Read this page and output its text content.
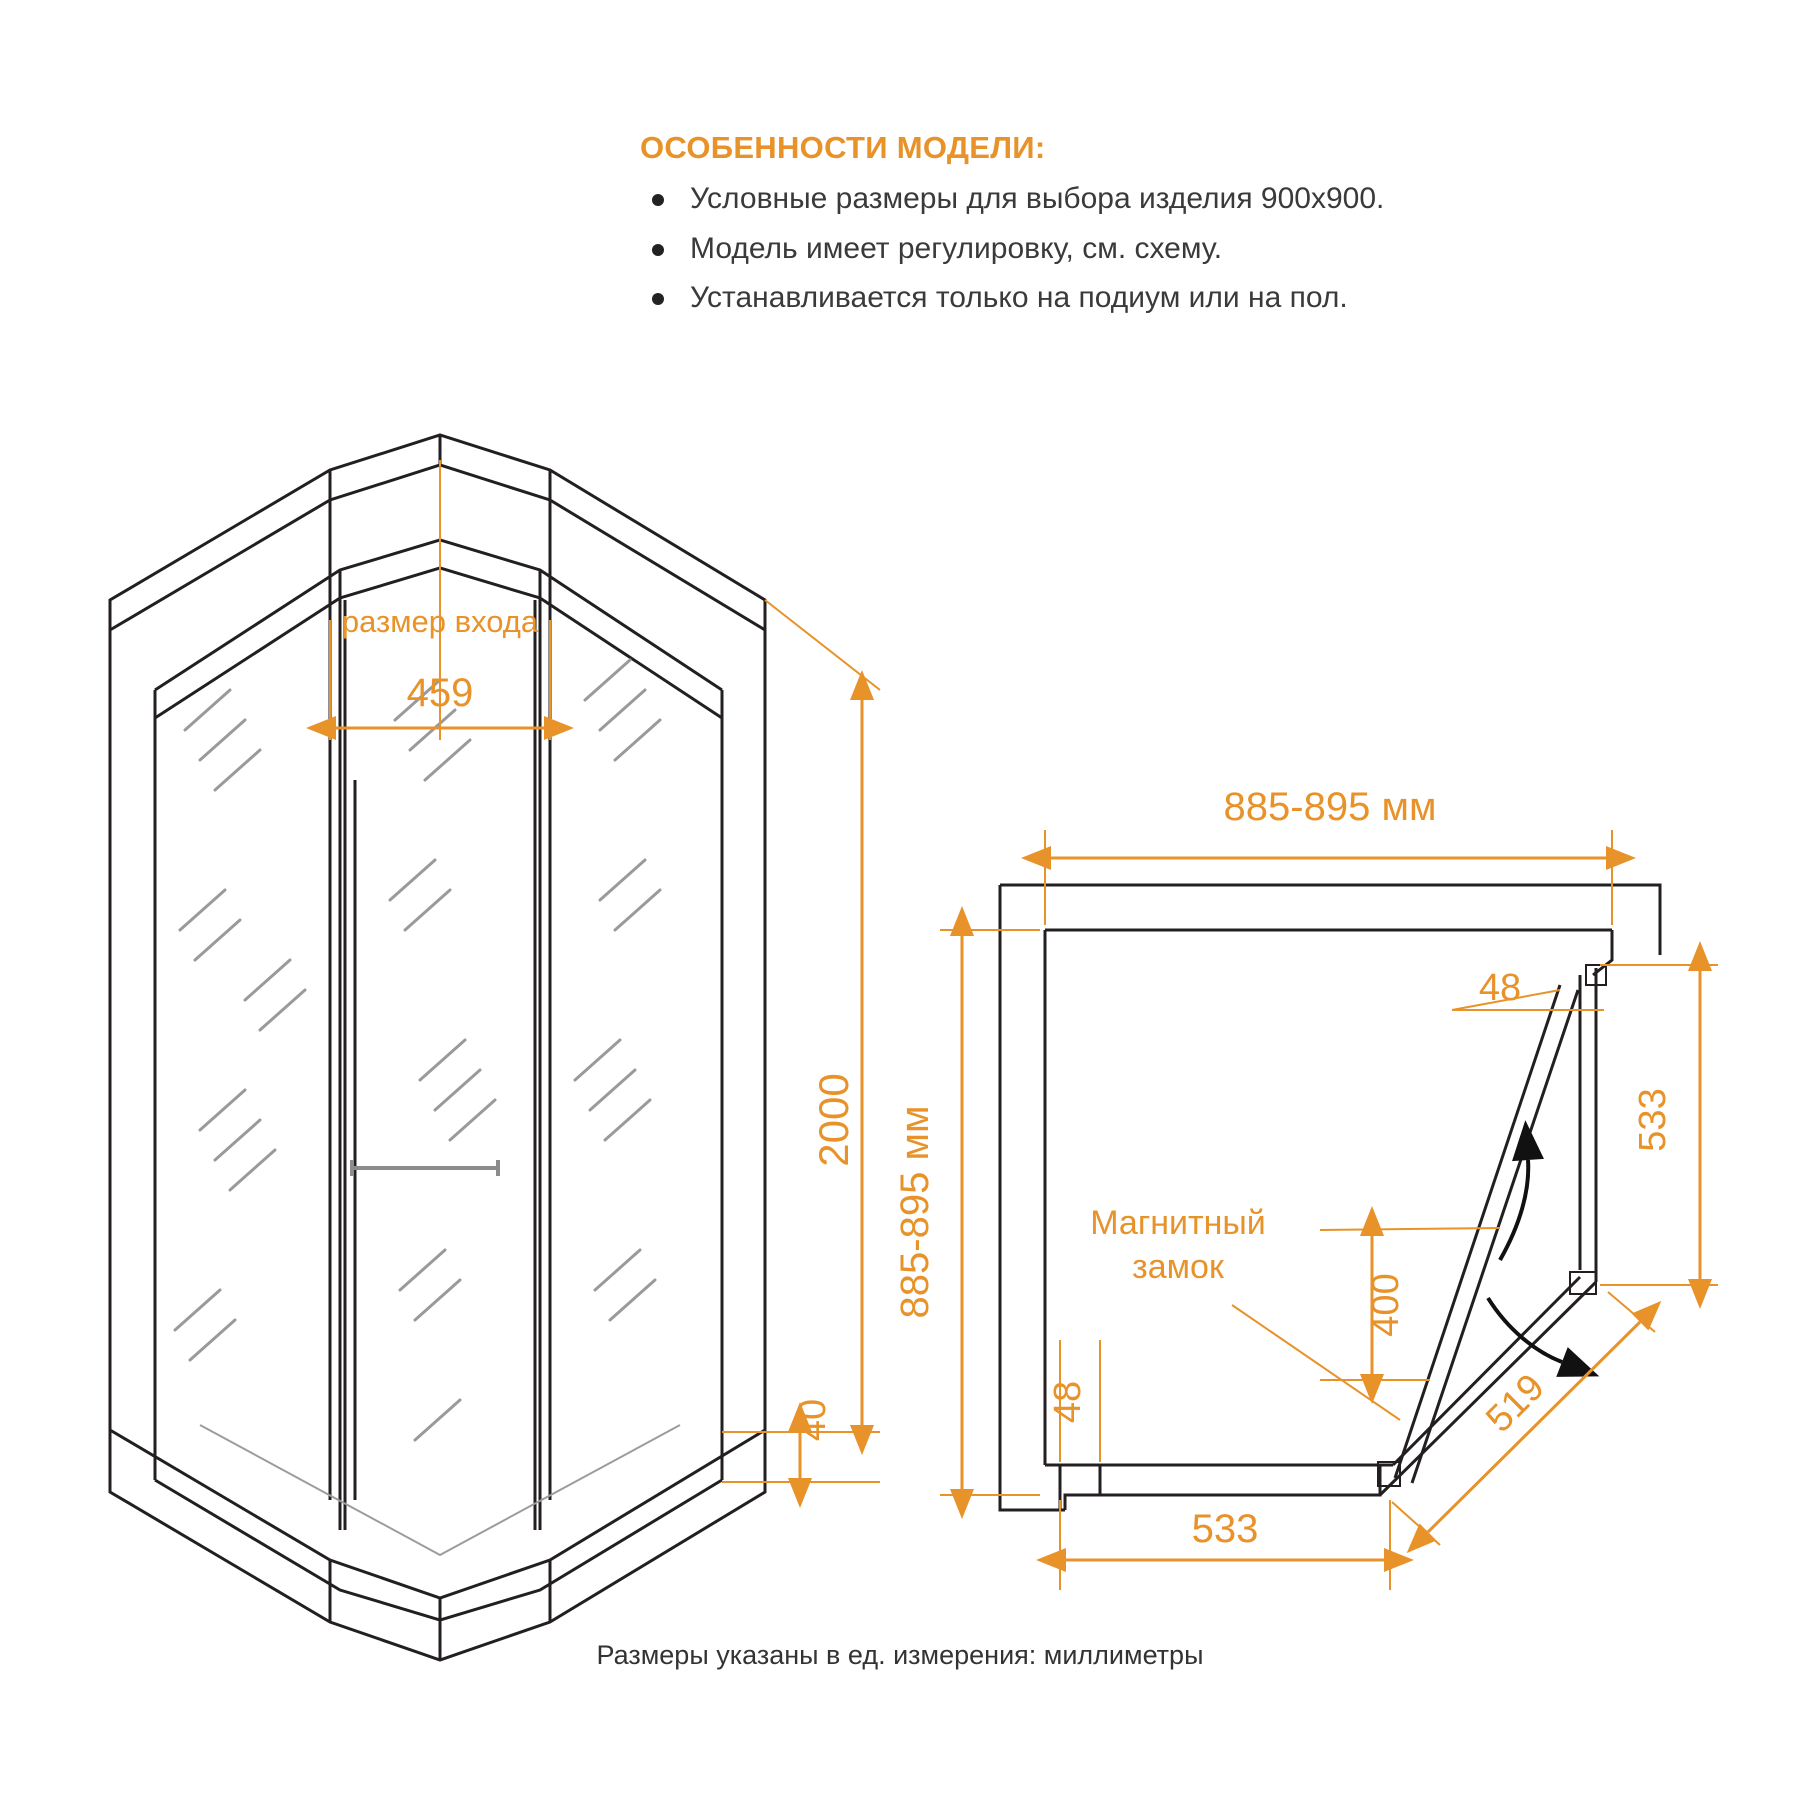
ОСОБЕННОСТИ МОДЕЛИ:
Условные размеры для выбора изделия 900х900.
Модель имеет регулировку, см. схему.
Устанавливается только на подиум или на пол.
Размеры указаны в ед. измерения: миллиметры
размер входа
459
2000
40
885-895 мм
885-895 мм
48
533
400
519
48
533
Магнитный
замок
